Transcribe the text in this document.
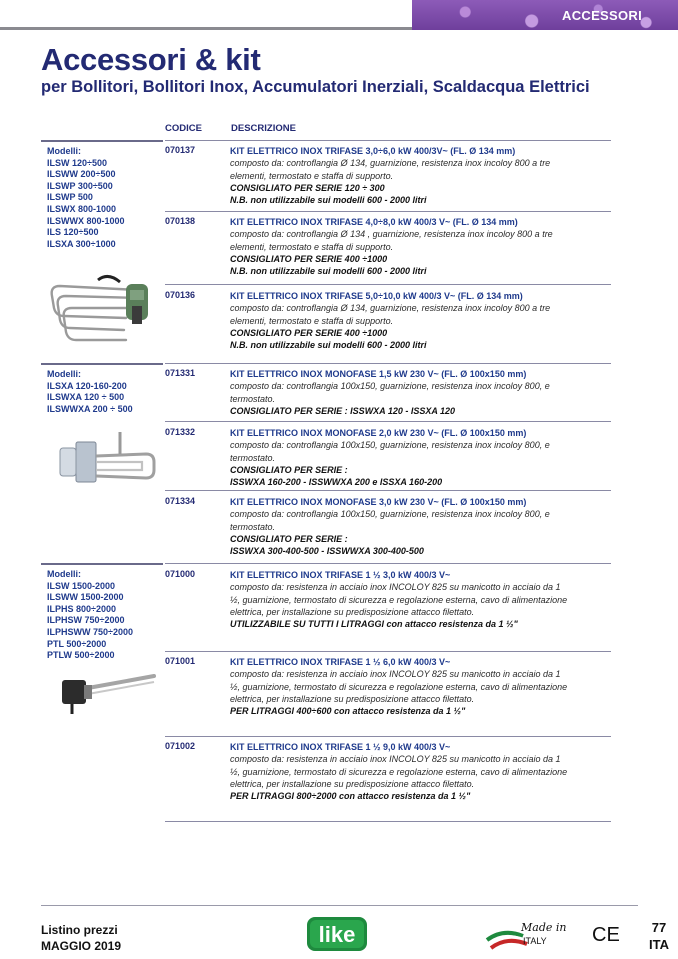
ACCESSORI
Accessori & kit
per Bollitori, Bollitori Inox, Accumulatori Inerziali, Scaldacqua Elettrici
CODICE	DESCRIZIONE
Modelli:
ILSW 120÷500
ILSWW 200÷500
ILSWP 300÷500
ILSWP 500
ILSWX 800-1000
ILSWWX 800-1000
ILS 120÷500
ILSXA 300÷1000
070137	KIT ELETTRICO INOX TRIFASE 3,0÷6,0 kW 400/3V~ (FL. Ø 134 mm)
composto da: controflangia Ø 134, guarnizione, resistenza inox incoloy 800 a tre elementi, termostato e staffa di supporto.
CONSIGLIATO PER SERIE 120 ÷ 300
N.B. non utilizzabile sui modelli 600 - 2000 litri
070138	KIT ELETTRICO INOX TRIFASE 4,0÷8,0 kW 400/3 V~ (FL. Ø 134 mm)
composto da: controflangia Ø 134 , guarnizione, resistenza inox incoloy 800 a tre elementi, termostato e staffa di supporto.
CONSIGLIATO PER SERIE 400 ÷1000
N.B. non utilizzabile sui modelli 600 - 2000 litri
070136	KIT ELETTRICO INOX TRIFASE 5,0÷10,0 kW 400/3 V~ (FL. Ø 134 mm)
composto da: controflangia Ø 134, guarnizione, resistenza inox incoloy 800 a tre elementi, termostato e staffa di supporto.
CONSIGLIATO PER SERIE 400 ÷1000
N.B. non utilizzabile sui modelli 600 - 2000 litri
Modelli:
ILSXA 120-160-200
ILSWXA 120 ÷ 500
ILSWWXA 200 ÷ 500
071331	KIT ELETTRICO INOX MONOFASE 1,5 kW 230 V~ (FL. Ø 100x150 mm)
composto da: controflangia 100x150, guarnizione, resistenza inox incoloy 800, e termostato.
CONSIGLIATO PER SERIE : ISSWXA 120 - ISSXA 120
071332	KIT ELETTRICO INOX MONOFASE 2,0 kW 230 V~ (FL. Ø 100x150 mm)
composto da: controflangia 100x150, guarnizione, resistenza inox incoloy 800, e termostato.
CONSIGLIATO PER SERIE :
ISSWXA 160-200 - ISSWWXA 200 e ISSXA 160-200
071334	KIT ELETTRICO INOX MONOFASE 3,0 kW 230 V~ (FL. Ø 100x150 mm)
composto da: controflangia 100x150, guarnizione, resistenza inox incoloy 800, e termostato.
CONSIGLIATO PER SERIE :
ISSWXA 300-400-500 - ISSWWXA 300-400-500
Modelli:
ILSW 1500-2000
ILSWW 1500-2000
ILPHS 800÷2000
ILPHSW 750÷2000
ILPHSWW 750÷2000
PTL 500÷2000
PTLW 500÷2000
071000	KIT ELETTRICO INOX TRIFASE 1 ½ 3,0 kW 400/3 V~
composto da: resistenza in acciaio inox INCOLOY 825 su manicotto in acciaio da 1 ½, guarnizione, termostato di sicurezza e regolazione esterna, cavo di alimentazione elettrica, per installazione su predisposizione attacco filettato.
UTILIZZABILE SU TUTTI I LITRAGGI con attacco resistenza da 1 ½"
071001	KIT ELETTRICO INOX TRIFASE 1 ½ 6,0 kW 400/3 V~
composto da: resistenza in acciaio inox INCOLOY 825 su manicotto in acciaio da 1 ½, guarnizione, termostato di sicurezza e regolazione esterna, cavo di alimentazione elettrica, per installazione su predisposizione attacco filettato.
PER LITRAGGI 400÷600 con attacco resistenza da 1 ½"
071002	KIT ELETTRICO INOX TRIFASE 1 ½ 9,0 kW 400/3 V~
composto da: resistenza in acciaio inox INCOLOY 825 su manicotto in acciaio da 1 ½, guarnizione, termostato di sicurezza e regolazione esterna, cavo di alimentazione elettrica, per installazione su predisposizione attacco filettato.
PER LITRAGGI 800÷2000 con attacco resistenza da 1 ½"
Listino prezzi
MAGGIO 2019	like	Made in
ITALY CE 77
ITA
